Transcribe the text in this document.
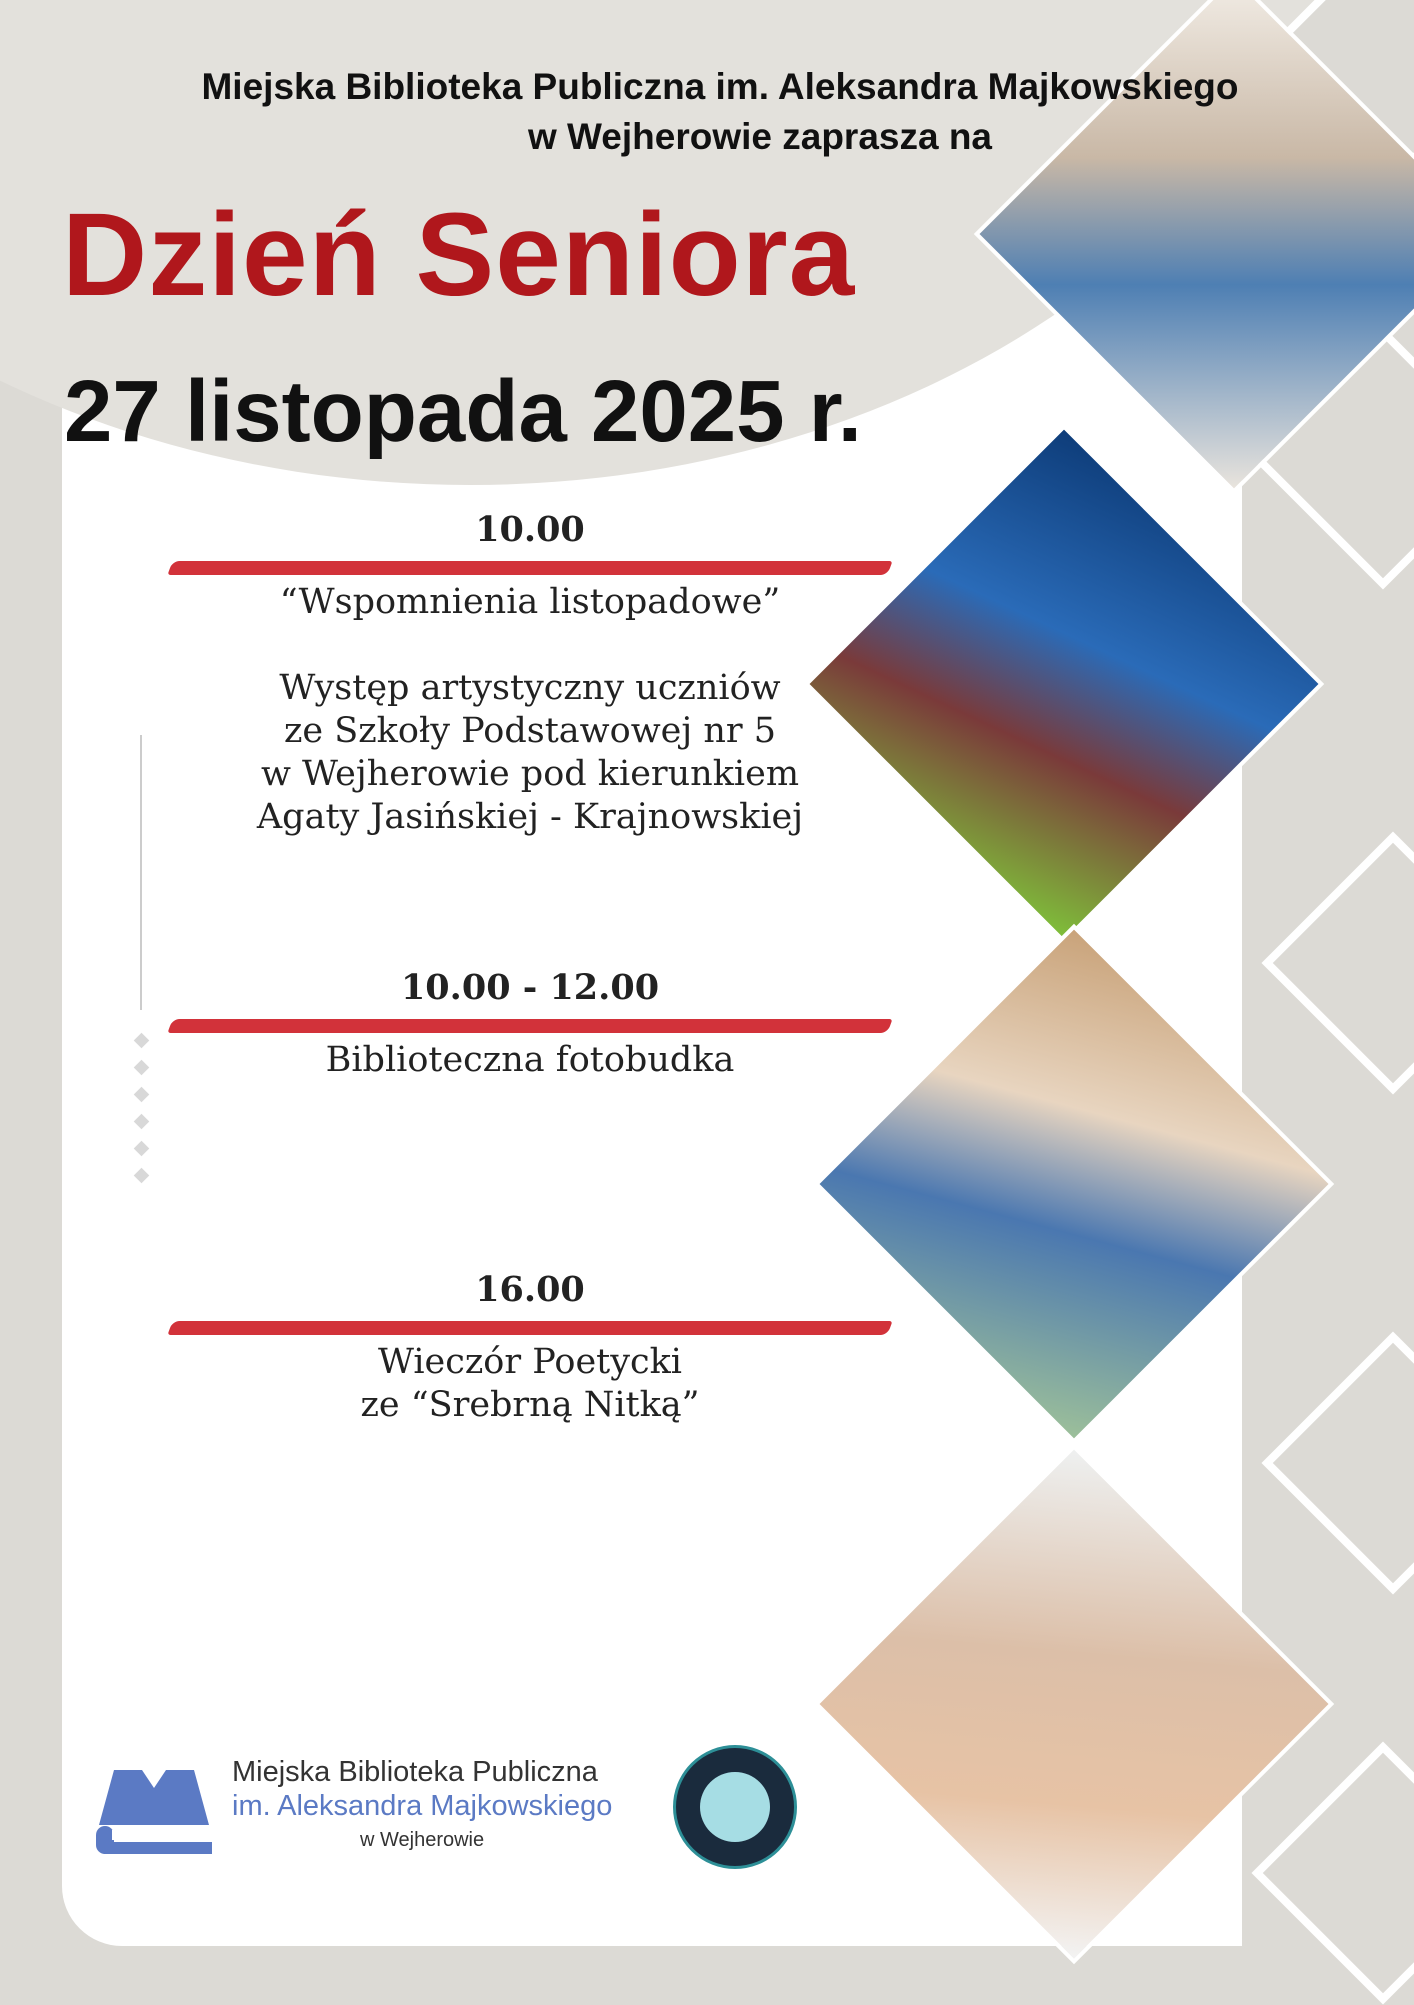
Miejska Biblioteka Publiczna im. Aleksandra Majkowskiego
w Wejherowie zaprasza na
Dzień Seniora
27 listopada 2025 r.
10.00
“Wspomnienia listopadowe”

Występ artystyczny uczniów
ze Szkoły Podstawowej nr 5
w Wejherowie pod kierunkiem
Agaty Jasińskiej - Krajnowskiej
10.00 - 12.00
Biblioteczna fotobudka
16.00
Wieczór Poetycki
ze “Srebrną Nitką”
Miejska Biblioteka Publiczna
im. Aleksandra Majkowskiego
w Wejherowie
